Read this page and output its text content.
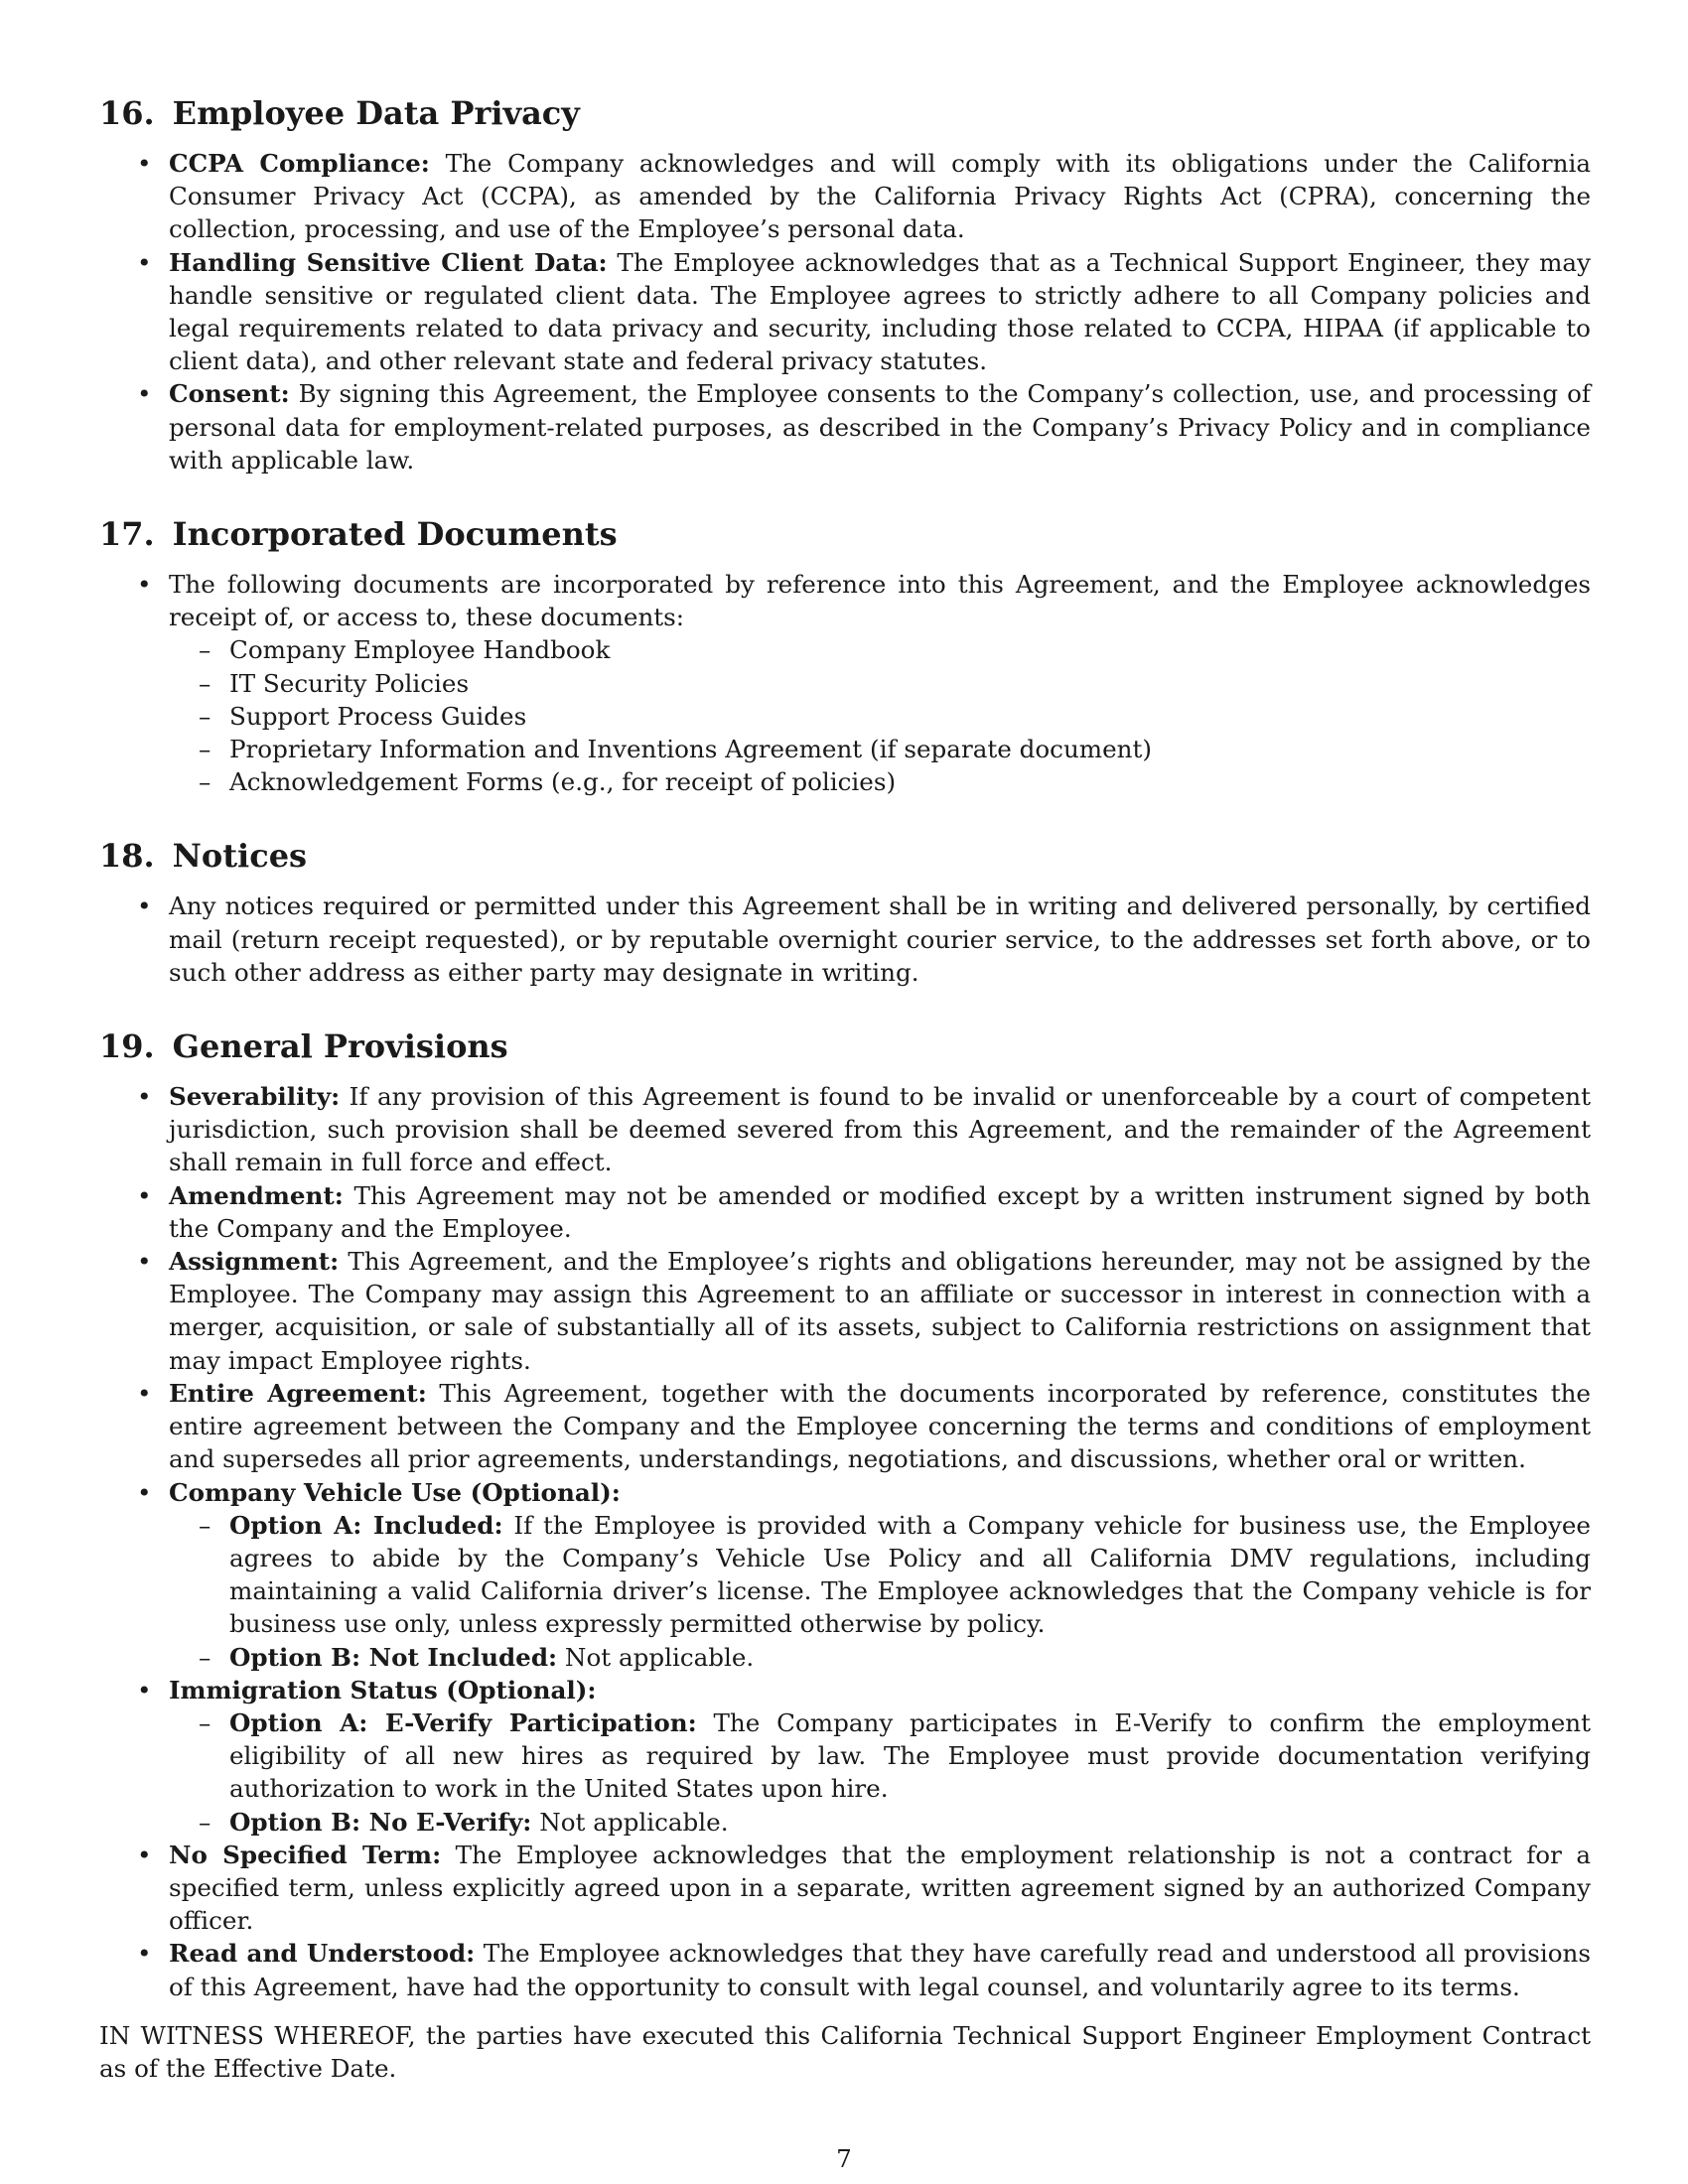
16. Employee Data Privacy
• CCPA Compliance: The Company acknowledges and will comply with its obligations under the California Consumer Privacy Act (CCPA), as amended by the California Privacy Rights Act (CPRA), concerning the collection, processing, and use of the Employee’s personal data.
• Handling Sensitive Client Data: The Employee acknowledges that as a Technical Support Engineer, they may handle sensitive or regulated client data. The Employee agrees to strictly adhere to all Company policies and legal requirements related to data privacy and security, including those related to CCPA, HIPAA (if applicable to client data), and other relevant state and federal privacy statutes.
• Consent: By signing this Agreement, the Employee consents to the Company’s collection, use, and processing of personal data for employment-related purposes, as described in the Company’s Privacy Policy and in compliance with applicable law.
17. Incorporated Documents
• The following documents are incorporated by reference into this Agreement, and the Employee acknowledges receipt of, or access to, these documents:
– Company Employee Handbook
– IT Security Policies
– Support Process Guides
– Proprietary Information and Inventions Agreement (if separate document)
– Acknowledgement Forms (e.g., for receipt of policies)
18. Notices
• Any notices required or permitted under this Agreement shall be in writing and delivered personally, by certified mail (return receipt requested), or by reputable overnight courier service, to the addresses set forth above, or to such other address as either party may designate in writing.
19. General Provisions
• Severability: If any provision of this Agreement is found to be invalid or unenforceable by a court of competent jurisdiction, such provision shall be deemed severed from this Agreement, and the remainder of the Agreement shall remain in full force and effect.
• Amendment: This Agreement may not be amended or modified except by a written instrument signed by both the Company and the Employee.
• Assignment: This Agreement, and the Employee’s rights and obligations hereunder, may not be assigned by the Employee. The Company may assign this Agreement to an affiliate or successor in interest in connection with a merger, acquisition, or sale of substantially all of its assets, subject to California restrictions on assignment that may impact Employee rights.
• Entire Agreement: This Agreement, together with the documents incorporated by reference, constitutes the entire agreement between the Company and the Employee concerning the terms and conditions of employment and supersedes all prior agreements, understandings, negotiations, and discussions, whether oral or written.
• Company Vehicle Use (Optional):
– Option A: Included: If the Employee is provided with a Company vehicle for business use, the Employee agrees to abide by the Company’s Vehicle Use Policy and all California DMV regulations, including maintaining a valid California driver’s license. The Employee acknowledges that the Company vehicle is for business use only, unless expressly permitted otherwise by policy.
– Option B: Not Included: Not applicable.
• Immigration Status (Optional):
– Option A: E-Verify Participation: The Company participates in E-Verify to confirm the employment eligibility of all new hires as required by law. The Employee must provide documentation verifying authorization to work in the United States upon hire.
– Option B: No E-Verify: Not applicable.
• No Specified Term: The Employee acknowledges that the employment relationship is not a contract for a specified term, unless explicitly agreed upon in a separate, written agreement signed by an authorized Company officer.
• Read and Understood: The Employee acknowledges that they have carefully read and understood all provisions of this Agreement, have had the opportunity to consult with legal counsel, and voluntarily agree to its terms.

IN WITNESS WHEREOF, the parties have executed this California Technical Support Engineer Employment Contract as of the Effective Date.

7
